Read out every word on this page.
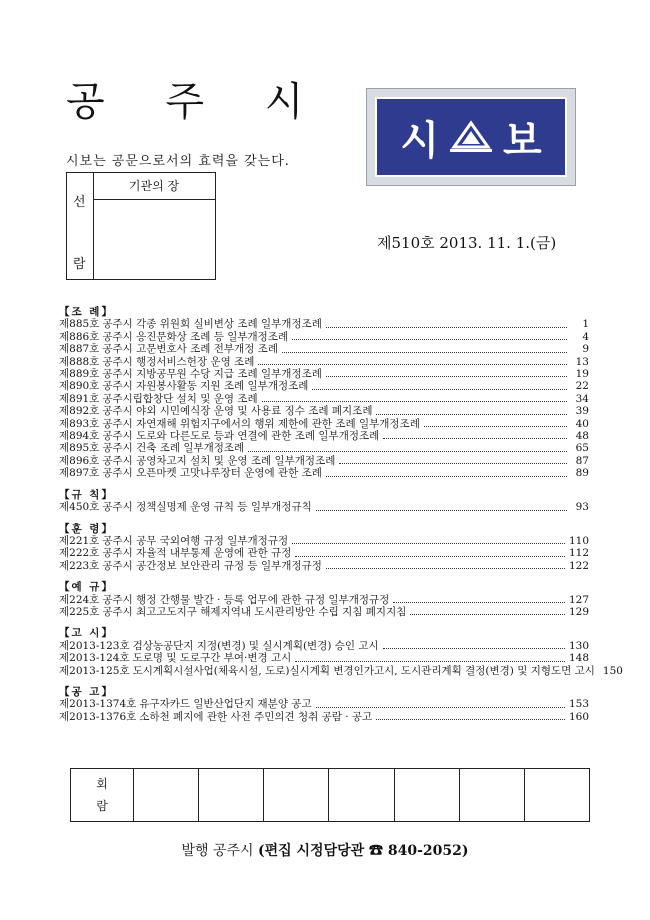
공 주 시
시보는 공문으로서의 효력을 갖는다.	시 보
선
람
기관의 장
제510호 2013. 11. 1.(금)
【조 례】
제885호 공주시 각종 위원회 실비변상 조례 일부개정조례	1
제886호 공주시 응진문화상 조례 등 일부개정조례	4
제887호 공주시 고문변호사 조례 전부개정 조례	9
제888호 공주시 행정서비스헌장 운영 조례	13
제889호 공주시 지방공무원 수당 지급 조례 일부개정조례	19
제890호 공주시 자원봉사활동 지원 조례 일부개정조례	22
제891호 공주시립합창단 설치 및 운영 조례	34
제892호 공주시 야외 시민예식장 운영 및 사용료 징수 조례 폐지조례	39
제893호 공주시 자연재해 위험지구에서의 행위 제한에 관한 조례 일부개정조례	40
제894호 공주시 도로와 다른도로 등과 연결에 관한 조례 일부개정조례	48
제895호 공주시 건축 조례 일부개정조례	65
제896호 공주시 공영차고지 설치 및 운영 조례 일부개정조례	87
제897호 공주시 오픈마켓 고맛나루장터 운영에 관한 조례	89
【규 칙】
제450호 공주시 정책실명제 운영 규칙 등 일부개정규칙	93
【훈 령】
제221호 공주시 공무 국외여행 규정 일부개정규정	110
제222호 공주시 자율적 내부통제 운영에 관한 규정	112
제223호 공주시 공간정보 보안관리 규정 등 일부개정규정	122
【예 규】
제224호 공주시 행정 간행물 발간 · 등록 업무에 관한 규정 일부개정규정	127
제225호 공주시 최고고도지구 해제지역내 도시관리방안 수립 지침 폐지지침	129
【고 시】
제2013-123호 검상농공단지 지정(변경) 및 실시계획(변경) 승인 고시	130
제2013-124호 도로명 및 도로구간 부여·변경 고시	148
제2013-125호 도시계획시설사업(체육시설, 도로)실시계획 변경인가고시, 도시관리계획 결정(변경) 및 지형도면 고시 150
【공 고】
제2013-1374호 유구자카드 일반산업단지 재분양 공고	153
제2013-1376호 소하천 폐지에 관한 사전 주민의견 청취 공람 · 공고	160
회
람
발행 공주시 (편집 시정담당관 ☎ 840-2052)
